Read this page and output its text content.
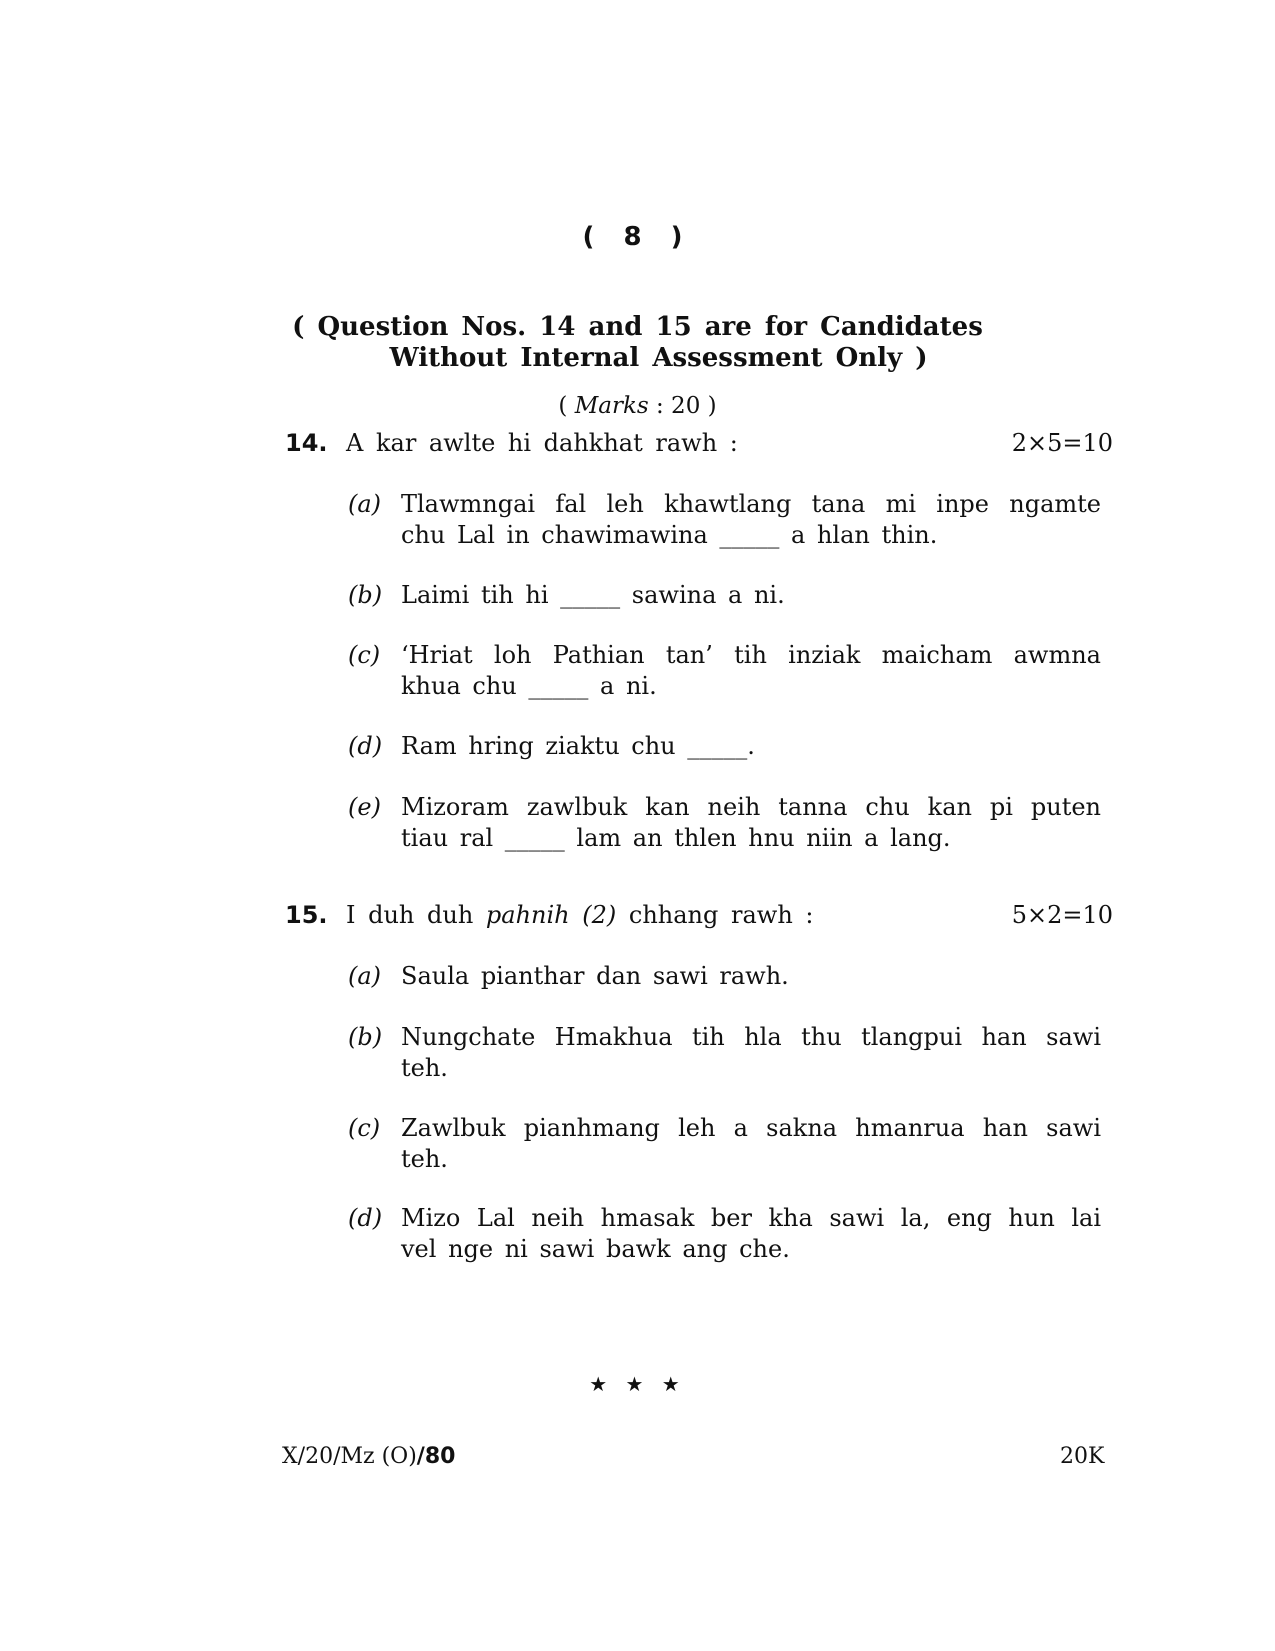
( 8 )
( Question Nos. 14 and 15 are for Candidates
Without Internal Assessment Only )
( Marks : 20 )
14. A kar awlte hi dahkhat rawh :	2×5=10
(a) Tlawmngai fal leh khawtlang tana mi inpe ngamte
chu Lal in chawimawina _____ a hlan thin.
(b) Laimi tih hi _____ sawina a ni.
(c) ‘Hriat loh Pathian tan’ tih inziak maicham awmna
khua chu _____ a ni.
(d) Ram hring ziaktu chu _____.
(e) Mizoram zawlbuk kan neih tanna chu kan pi puten
tiau ral _____ lam an thlen hnu niin a lang.
15. I duh duh pahnih (2) chhang rawh :	5×2=10
(a) Saula pianthar dan sawi rawh.
(b) Nungchate Hmakhua tih hla thu tlangpui han sawi
teh.
(c) Zawlbuk pianhmang leh a sakna hmanrua han sawi
teh.
(d) Mizo Lal neih hmasak ber kha sawi la, eng hun lai
vel nge ni sawi bawk ang che.
★ ★ ★
X/20/Mz (O)/80	20K
